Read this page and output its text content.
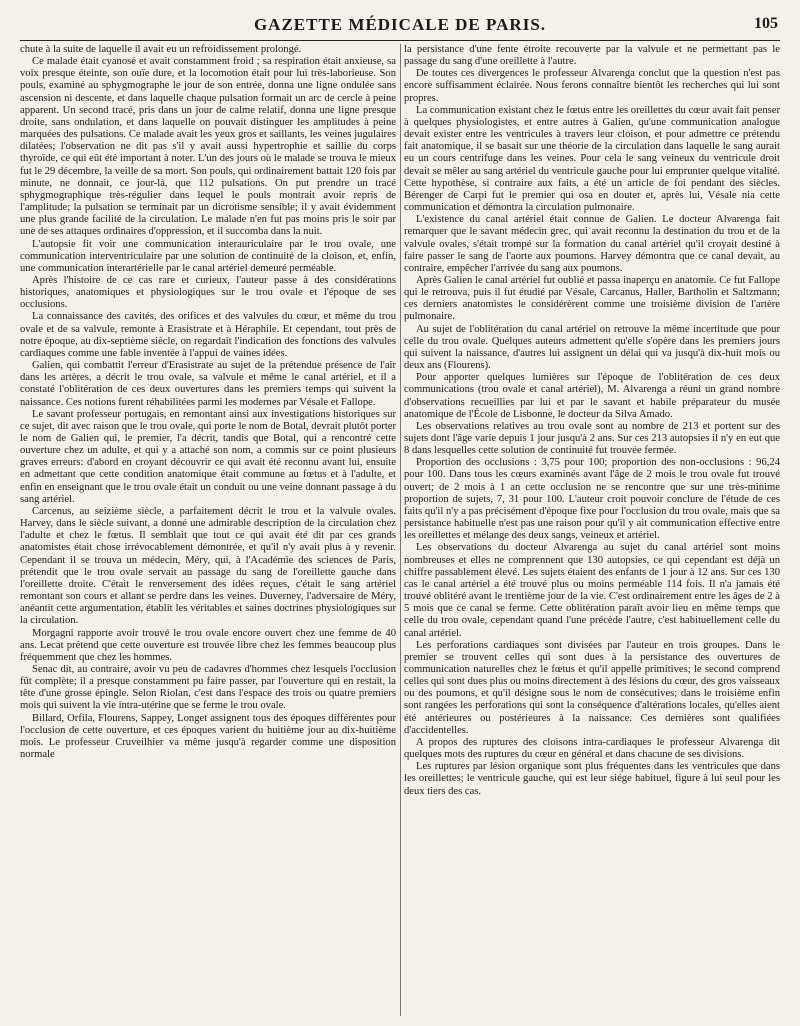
GAZETTE MÉDICALE DE PARIS.	105

chute à la suite de laquelle il avait eu un refroidissement prolongé.

Ce malade était cyanosé et avait constamment froid ; sa respiration était anxieuse, sa voix presque éteinte, son ouïe dure, et la locomotion était pour lui très-laborieuse. Son pouls, examiné au sphygmographe le jour de son entrée, donna une ligne ondulée sans ascension ni descente, et dans laquelle chaque pulsation formait un arc de cercle à peine apparent. Un second tracé, pris dans un jour de calme relatif, donna une ligne presque droite, sans ondulation, et dans laquelle on pouvait distinguer les amplitudes à peine marquées des pulsations. Ce malade avait les yeux gros et saillants, les veines jugulaires dilatées; l'observation ne dit pas s'il y avait aussi hypertrophie et saillie du corps thyroïde, ce qui eût été important à noter. L'un des jours où le malade se trouva le mieux fut le 29 décembre, la veille de sa mort. Son pouls, qui ordinairement battait 120 fois par minute, ne donnait, ce jour-là, que 112 pulsations. On put prendre un tracé sphygmographique très-régulier dans lequel le pouls montrait avoir repris de l'amplitude; la pulsation se terminait par un dicrotisme sensible; il y avait évidemment une plus grande facilité de la circulation. Le malade n'en fut pas moins pris le soir par une de ses attaques ordinaires d'oppression, et il succomba dans la nuit.

L'autopsie fit voir une communication interauriculaire par le trou ovale, une communication interventriculaire par une solution de continuité de la cloison, et, enfin, une communication interartérielle par le canal artériel demeuré perméable.

Après l'histoire de ce cas rare et curieux, l'auteur passe à des considérations historiques, anatomiques et physiologiques sur le trou ovale et l'époque de ses occlusions.

La connaissance des cavités, des orifices et des valvules du cœur, et même du trou ovale et de sa valvule, remonte à Erasistrate et à Héraphile. Et cependant, tout près de notre époque, au dix-septième siècle, on regardait l'indication des fonctions des valvules cardiaques comme une fable inventée à l'appui de vaines idées.

Galien, qui combattit l'erreur d'Erasistrate au sujet de la prétendue présence de l'air dans les artères, a décrit le trou ovale, sa valvule et même le canal artériel, et il a constaté l'oblitération de ces deux ouvertures dans les premiers temps qui suivent la naissance. Ces notions furent réhabilitées parmi les modernes par Vésale et Fallope.

Le savant professeur portugais, en remontant ainsi aux investigations historiques sur ce sujet, dit avec raison que le trou ovale, qui porte le nom de Botal, devrait plutôt porter le nom de Galien qui, le premier, l'a décrit, tandis que Botal, qui a rencontré cette ouverture chez un adulte, et qui y a attaché son nom, a commis sur ce point plusieurs graves erreurs: d'abord en croyant découvrir ce qui avait été reconnu avant lui, ensuite en admettant que cette condition anatomique était commune au fœtus et à l'adulte, et enfin en enseignant que le trou ovale était un conduit ou une veine donnant passage à du sang artériel.

Carcenus, au seizième siècle, a parfaitement décrit le trou et la valvule ovales. Harvey, dans le siècle suivant, a donné une admirable description de la circulation chez l'adulte et chez le fœtus. Il semblait que tout ce qui avait été dit par ces grands anatomistes était chose irrévocablement démontrée, et qu'il n'y avait plus à y revenir. Cependant il se trouva un médecin, Méry, qui, à l'Académie des sciences de Paris, prétendit que le trou ovale servait au passage du sang de l'oreillette gauche dans l'oreillette droite. C'était le renversement des idées reçues, c'était le sang artériel remontant son cours et allant se perdre dans les veines. Duverney, l'adversaire de Méry, anéantit cette argumentation, établit les véritables et saines doctrines physiologiques sur la circulation.

Morgagni rapporte avoir trouvé le trou ovale encore ouvert chez une femme de 40 ans. Lecat prétend que cette ouverture est trouvée libre chez les femmes beaucoup plus fréquemment que chez les hommes.

Senac dit, au contraire, avoir vu peu de cadavres d'hommes chez lesquels l'occlusion fût complète; il a presque constamment pu faire passer, par l'ouverture qui en restait, la tête d'une grosse épingle. Selon Riolan, c'est dans l'espace des trois ou quatre premiers mois qui suivent la vie intra-utérine que se ferme le trou ovale.

Billard, Orfila, Flourens, Sappey, Longet assignent tous des époques différentes pour l'occlusion de cette ouverture, et ces époques varient du huitième jour au dix-huitième mois. Le professeur Cruveilhier va même jusqu'à regarder comme une disposition normale

la persistance d'une fente étroite recouverte par la valvule et ne permettant pas le passage du sang d'une oreillette à l'autre.

De toutes ces divergences le professeur Alvarenga conclut que la question n'est pas encore suffisamment éclairée. Nous ferons connaître bientôt les recherches qui lui sont propres.

La communication existant chez le fœtus entre les oreillettes du cœur avait fait penser à quelques physiologistes, et entre autres à Galien, qu'une communication analogue devait exister entre les ventricules à travers leur cloison, et pour admettre ce prétendu fait anatomique, il se basait sur une théorie de la circulation dans laquelle le sang aurait eu un cours centrifuge dans les veines. Pour cela le sang veineux du ventricule droit devait se mêler au sang artériel du ventricule gauche pour lui emprunter quelque vitalité. Cette hypothèse, si contraire aux faits, a été un article de foi pendant des siècles. Bérenger de Carpi fut le premier qui osa en douter et, après lui, Vésale nia cette communication et démontra la circulation pulmonaire.

L'existence du canal artériel était connue de Galien. Le docteur Alvarenga fait remarquer que le savant médecin grec, qui avait reconnu la destination du trou et de la valvule ovales, s'était trompé sur la formation du canal artériel qu'il croyait destiné à faire passer le sang de l'aorte aux poumons. Harvey démontra que ce canal devait, au contraire, empêcher l'arrivée du sang aux poumons.

Après Galien le canal artériel fut oublié et passa inaperçu en anatomie. Ce fut Fallope qui le retrouva, puis il fut étudié par Vésale, Carcanus, Haller, Bartholin et Saltzmann; ces derniers anatomistes le considérèrent comme une troisième division de l'artère pulmonaire.

Au sujet de l'oblitération du canal artériel on retrouve la même incertitude que pour celle du trou ovale. Quelques auteurs admettent qu'elle s'opère dans les premiers jours qui suivent la naissance, d'autres lui assignent un délai qui va jusqu'à dix-huit mois ou deux ans (Flourens).

Pour apporter quelques lumières sur l'époque de l'oblitération de ces deux communications (trou ovale et canal artériel), M. Alvarenga a réuni un grand nombre d'observations recueillies par lui et par le savant et habile préparateur du musée anatomique de l'École de Lisbonne, le docteur da Silva Amado.

Les observations relatives au trou ovale sont au nombre de 213 et portent sur des sujets dont l'âge varie depuis 1 jour jusqu'à 2 ans. Sur ces 213 autopsies il n'y en eut que 8 dans lesquelles cette solution de continuité fut trouvée fermée.

Proportion des occlusions : 3,75 pour 100; proportion des non-occlusions : 96,24 pour 100. Dans tous les cœurs examinés avant l'âge de 2 mois le trou ovale fut trouvé ouvert; de 2 mois à 1 an cette occlusion ne se rencontre que sur une très-minime proportion de sujets, 7, 31 pour 100. L'auteur croit pouvoir conclure de l'étude de ces faits qu'il n'y a pas précisément d'époque fixe pour l'occlusion du trou ovale, mais que sa persistance habituelle n'est pas une raison pour qu'il y ait communication effective entre les oreillettes et mélange des deux sangs, veineux et artériel.

Les observations du docteur Alvarenga au sujet du canal artériel sont moins nombreuses et elles ne comprennent que 130 autopsies, ce qui cependant est déjà un chiffre passablement élevé. Les sujets étaient des enfants de 1 jour à 12 ans. Sur ces 130 cas le canal artériel a été trouvé plus ou moins perméable 114 fois. Il n'a jamais été trouvé oblitéré avant le trentième jour de la vie. C'est ordinairement entre les âges de 2 à 5 mois que ce canal se ferme. Cette oblitération paraît avoir lieu en même temps que celle du trou ovale, cependant quand l'une précède l'autre, c'est habituellement celle du canal artériel.

Les perforations cardiaques sont divisées par l'auteur en trois groupes. Dans le premier se trouvent celles qui sont dues à la persistance des ouvertures de communication naturelles chez le fœtus et qu'il appelle primitives; le second comprend celles qui sont dues plus ou moins directement à des lésions du cœur, des gros vaisseaux ou des poumons, et qu'il désigne sous le nom de consécutives; dans le troisième enfin sont rangées les perforations qui sont la conséquence d'altérations locales, qu'elles aient été antérieures ou postérieures à la naissance. Ces dernières sont qualifiées d'accidentelles.

A propos des ruptures des cloisons intra-cardiaques le professeur Alvarenga dit quelques mots des ruptures du cœur en général et dans chacune de ses divisions.

Les ruptures par lésion organique sont plus fréquentes dans les ventricules que dans les oreillettes; le ventricule gauche, qui est leur siége habituel, figure à lui seul pour les deux tiers des cas.
